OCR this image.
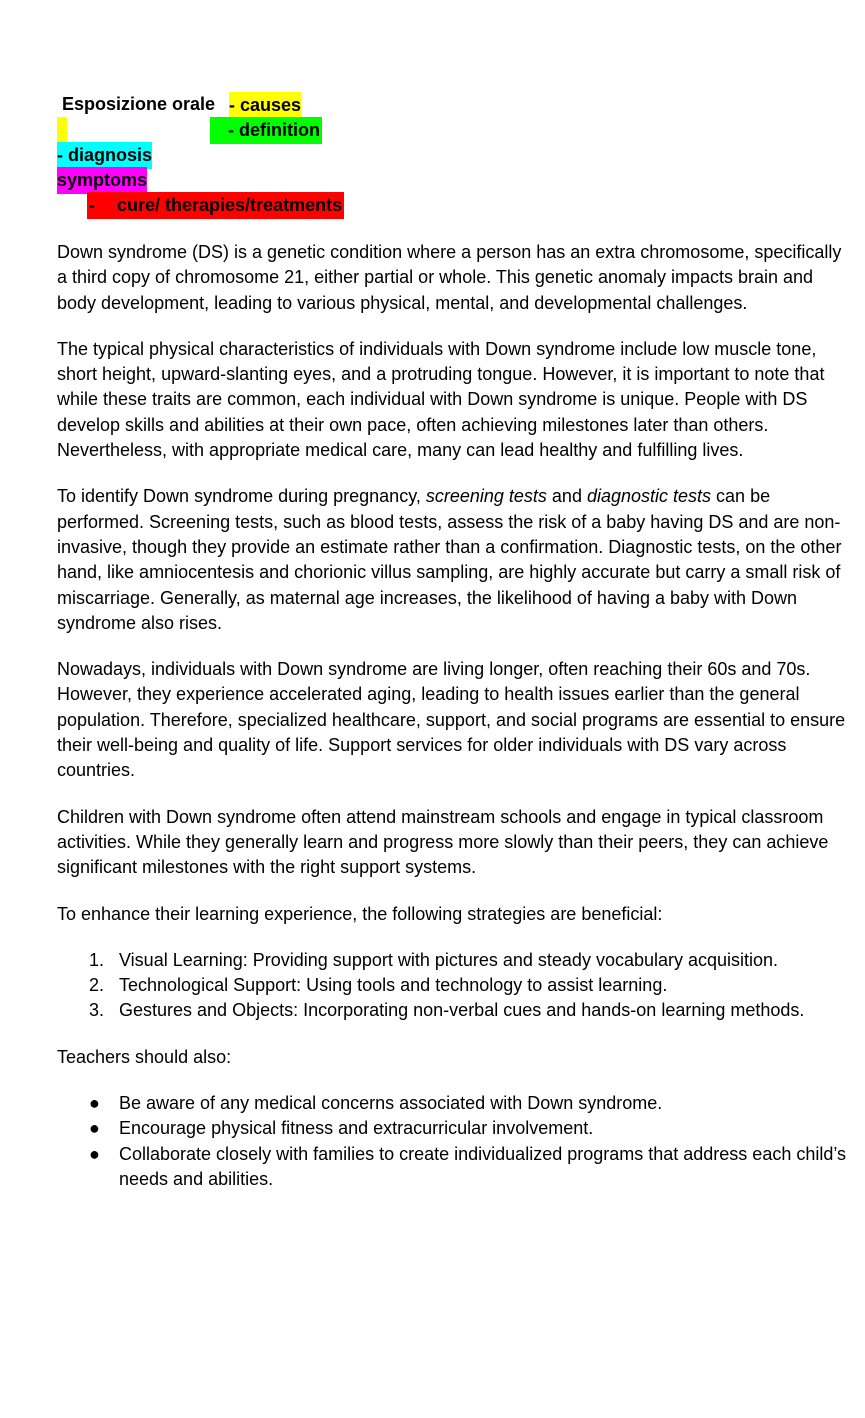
Esposizione orale - causes
- definition
- diagnosis
symptoms
- cure/ therapies/treatments

Down syndrome (DS) is a genetic condition where a person has an extra chromosome, specifically a third copy of chromosome 21, either partial or whole. This genetic anomaly impacts brain and body development, leading to various physical, mental, and developmental challenges.

The typical physical characteristics of individuals with Down syndrome include low muscle tone, short height, upward-slanting eyes, and a protruding tongue. However, it is important to note that while these traits are common, each individual with Down syndrome is unique. People with DS develop skills and abilities at their own pace, often achieving milestones later than others. Nevertheless, with appropriate medical care, many can lead healthy and fulfilling lives.

To identify Down syndrome during pregnancy, screening tests and diagnostic tests can be performed. Screening tests, such as blood tests, assess the risk of a baby having DS and are non-invasive, though they provide an estimate rather than a confirmation. Diagnostic tests, on the other hand, like amniocentesis and chorionic villus sampling, are highly accurate but carry a small risk of miscarriage. Generally, as maternal age increases, the likelihood of having a baby with Down syndrome also rises.

Nowadays, individuals with Down syndrome are living longer, often reaching their 60s and 70s. However, they experience accelerated aging, leading to health issues earlier than the general population. Therefore, specialized healthcare, support, and social programs are essential to ensure their well-being and quality of life. Support services for older individuals with DS vary across countries.

Children with Down syndrome often attend mainstream schools and engage in typical classroom activities. While they generally learn and progress more slowly than their peers, they can achieve significant milestones with the right support systems.

To enhance their learning experience, the following strategies are beneficial:

1. Visual Learning: Providing support with pictures and steady vocabulary acquisition.
2. Technological Support: Using tools and technology to assist learning.
3. Gestures and Objects: Incorporating non-verbal cues and hands-on learning methods.

Teachers should also:

● Be aware of any medical concerns associated with Down syndrome.
● Encourage physical fitness and extracurricular involvement.
● Collaborate closely with families to create individualized programs that address each child’s needs and abilities.
